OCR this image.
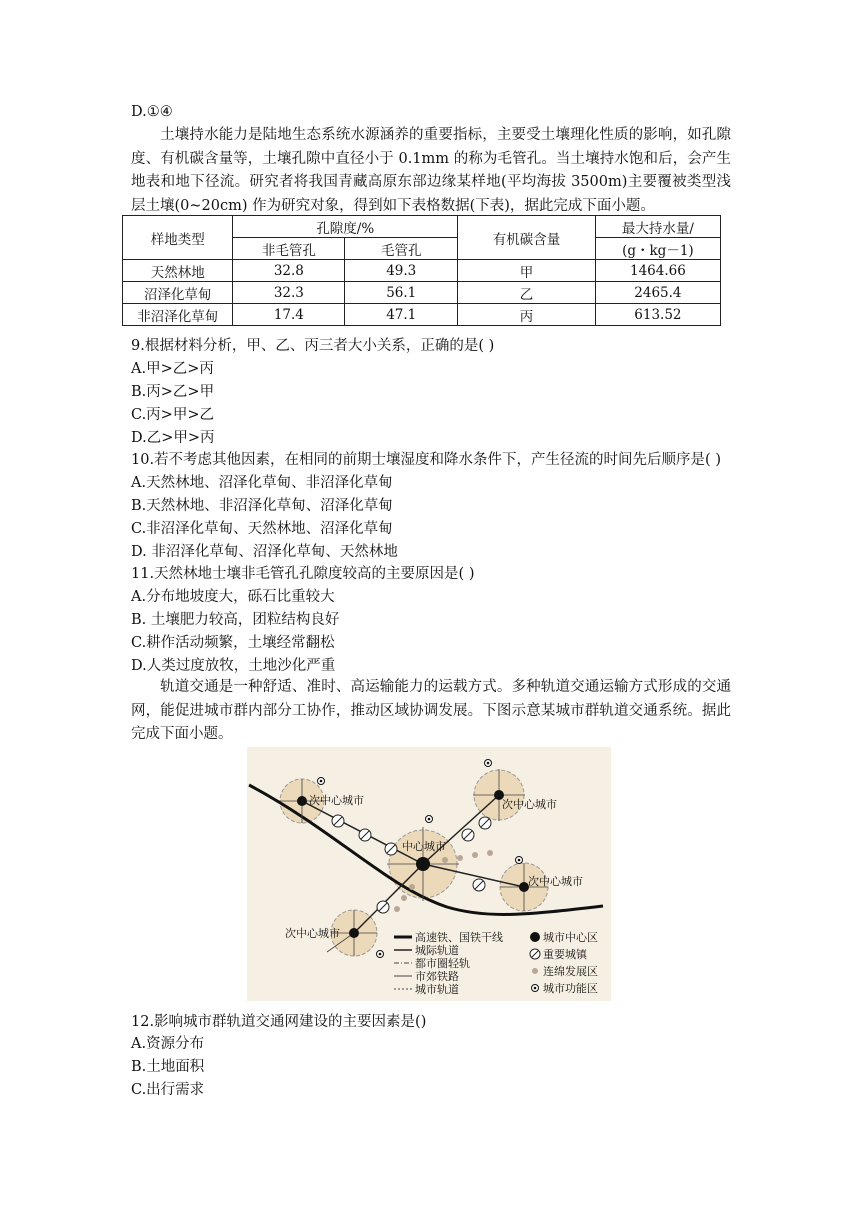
D.①④
土壤持水能力是陆地生态系统水源涵养的重要指标，主要受土壤理化性质的影响，如孔隙度、有机碳含量等，土壤孔隙中直径小于 0.1mm 的称为毛管孔。当土壤持水饱和后，会产生地表和地下径流。研究者将我国青藏高原东部边缘某样地(平均海拔 3500m)主要覆被类型浅层土壤(0~20cm) 作为研究对象，得到如下表格数据(下表)，据此完成下面小题。
样地类型	孔隙度/%		有机碳含量	最大持水量/
	非毛管孔	毛管孔		(g・kg－1)
天然林地	32.8	49.3	甲	1464.66
沼泽化草甸	32.3	56.1	乙	2465.4
非沼泽化草甸	17.4	47.1	丙	613.52
9.根据材料分析，甲、乙、丙三者大小关系，正确的是( )
A.甲>乙>丙
B.丙>乙>甲
C.丙>甲>乙
D.乙>甲>丙
10.若不考虑其他因素，在相同的前期士壤湿度和降水条件下，产生径流的时间先后顺序是( )
A.天然林地、沼泽化草甸、非沼泽化草甸
B.天然林地、非沼泽化草甸、沼泽化草甸
C.非沼泽化草甸、天然林地、沼泽化草甸
D. 非沼泽化草甸、沼泽化草甸、天然林地
11.天然林地士壤非毛管孔孔隙度较高的主要原因是( )
A.分布地坡度大，砾石比重较大
B. 土壤肥力较高，团粒结构良好
C.耕作活动频繁，土壤经常翻松
D.人类过度放牧，土地沙化严重
轨道交通是一种舒适、准时、高运输能力的运载方式。多种轨道交通运输方式形成的交通网，能促进城市群内部分工协作，推动区域协调发展。下图示意某城市群轨道交通系统。据此完成下面小题。
次中心城市	次中心城市
中心城市
次中心城市
次中心城市	高速铁、国铁干线
城际轨道
都市圈轻轨
市郊铁路
城市轨道
城市中心区
重要城镇
连绵发展区
城市功能区
12.影响城市群轨道交通网建设的主要因素是()
A.资源分布
B.土地面积
C.出行需求
